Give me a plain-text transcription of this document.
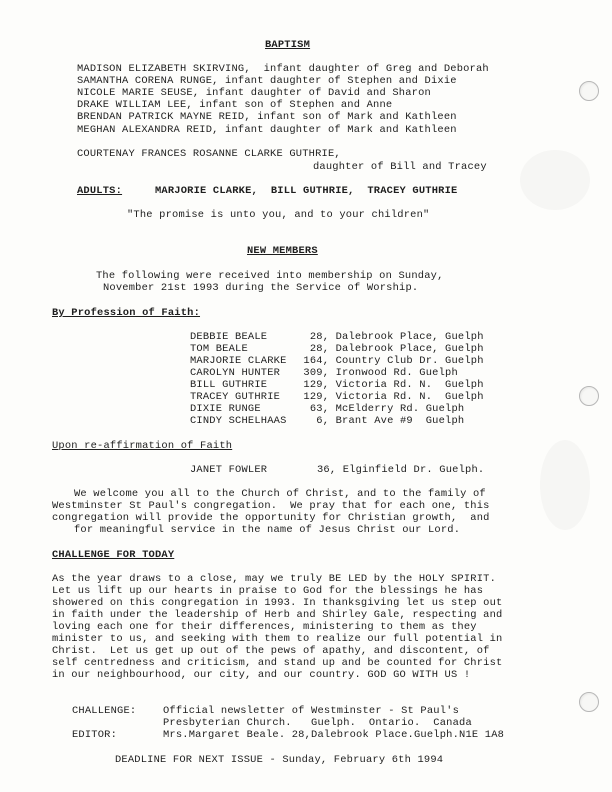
BAPTISM
MADISON ELIZABETH SKIRVING,  infant daughter of Greg and Deborah
SAMANTHA CORENA RUNGE, infant daughter of Stephen and Dixie
NICOLE MARIE SEUSE, infant daughter of David and Sharon
DRAKE WILLIAM LEE, infant son of Stephen and Anne
BRENDAN PATRICK MAYNE REID, infant son of Mark and Kathleen
MEGHAN ALEXANDRA REID, infant daughter of Mark and Kathleen
COURTENAY FRANCES ROSANNE CLARKE GUTHRIE,
daughter of Bill and Tracey
ADULTS:	MARJORIE CLARKE,  BILL GUTHRIE,  TRACEY GUTHRIE
"The promise is unto you, and to your children"
NEW MEMBERS
The following were received into membership on Sunday,
November 21st 1993 during the Service of Worship.
By Profession of Faith:
DEBBIE BEALE	28, Dalebrook Place, Guelph
TOM BEALE	28, Dalebrook Place, Guelph
MARJORIE CLARKE 164, Country Club Dr. Guelph
CAROLYN HUNTER 309, Ironwood Rd. Guelph
BILL GUTHRIE	129, Victoria Rd. N.  Guelph
TRACEY GUTHRIE 129, Victoria Rd. N.  Guelph
DIXIE RUNGE	63, McElderry Rd. Guelph
CINDY SCHELHAAS 6, Brant Ave #9  Guelph
Upon re-affirmation of Faith
JANET FOWLER	36, Elginfield Dr. Guelph.
We welcome you all to the Church of Christ, and to the family of
Westminster St Paul's congregation.  We pray that for each one, this
congregation will provide the opportunity for Christian growth,  and
for meaningful service in the name of Jesus Christ our Lord.
CHALLENGE FOR TODAY
As the year draws to a close, may we truly BE LED by the HOLY SPIRIT.
Let us lift up our hearts in praise to God for the blessings he has
showered on this congregation in 1993. In thanksgiving let us step out
in faith under the leadership of Herb and Shirley Gale, respecting and
loving each one for their differences, ministering to them as they
minister to us, and seeking with them to realize our full potential in
Christ.  Let us get up out of the pews of apathy, and discontent, of
self centredness and criticism, and stand up and be counted for Christ
in our neighbourhood, our city, and our country. GOD GO WITH US !
CHALLENGE:	Official newsletter of Westminster - St Paul's
Presbyterian Church.   Guelph.  Ontario.  Canada
EDITOR:	Mrs.Margaret Beale. 28,Dalebrook Place.Guelph.N1E 1A8
DEADLINE FOR NEXT ISSUE - Sunday, February 6th 1994
